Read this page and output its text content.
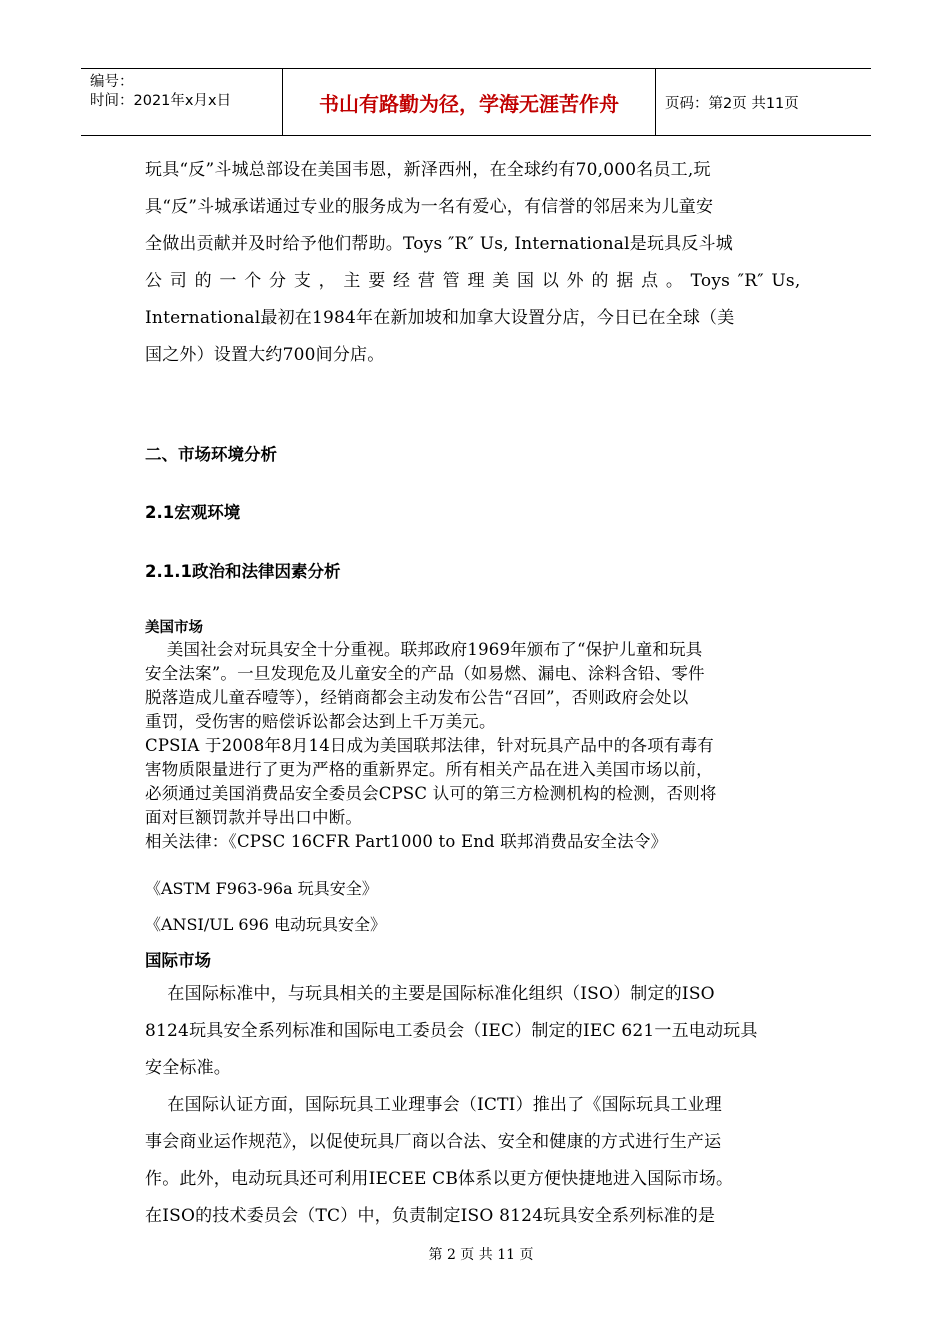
编号：
时间：2021年x月x日	书山有路勤为径，学海无涯苦作舟	页码：第2页 共11页

玩具“反”斗城总部设在美国韦恩，新泽西州，在全球约有70,000名员工,玩

具“反”斗城承诺通过专业的服务成为一名有爱心，有信誉的邻居来为儿童安

全做出贡献并及时给予他们帮助。Toys ″R″ Us, International是玩具反斗城

公 司 的 一 个 分 支 ， 主 要 经 营 管 理 美 国 以 外 的 据 点 。 Toys ″R″ Us,

International最初在1984年在新加坡和加拿大设置分店，今日已在全球（美

国之外）设置大约700间分店。

二、市场环境分析

2.1宏观环境

2.1.1政治和法律因素分析

美国市场

美国社会对玩具安全十分重视。联邦政府1969年颁布了“保护儿童和玩具

安全法案”。一旦发现危及儿童安全的产品（如易燃、漏电、涂料含铅、零件

脱落造成儿童吞噎等），经销商都会主动发布公告“召回”，否则政府会处以

重罚，受伤害的赔偿诉讼都会达到上千万美元。

CPSIA 于2008年8月14日成为美国联邦法律，针对玩具产品中的各项有毒有

害物质限量进行了更为严格的重新界定。所有相关产品在进入美国市场以前，

必须通过美国消费品安全委员会CPSC 认可的第三方检测机构的检测，否则将

面对巨额罚款并导出口中断。

相关法律：《CPSC 16CFR Part1000 to End 联邦消费品安全法令》

《ASTM F963-96a 玩具安全》

《ANSI/UL 696 电动玩具安全》

国际市场

在国际标准中，与玩具相关的主要是国际标准化组织（ISO）制定的ISO

8124玩具安全系列标准和国际电工委员会（IEC）制定的IEC 621一五电动玩具

安全标准。

在国际认证方面，国际玩具工业理事会（ICTI）推出了《国际玩具工业理

事会商业运作规范》，以促使玩具厂商以合法、安全和健康的方式进行生产运

作。此外，电动玩具还可利用IECEE CB体系以更方便快捷地进入国际市场。

在ISO的技术委员会（TC）中，负责制定ISO 8124玩具安全系列标准的是

第 2 页 共 11 页
